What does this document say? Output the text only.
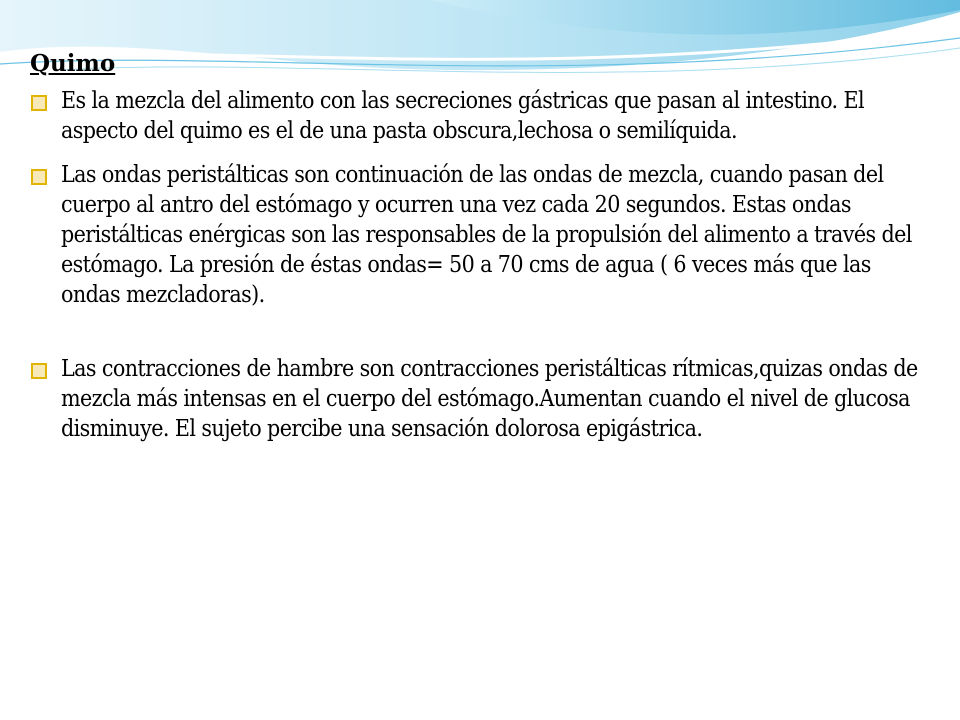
Quimo
Es la mezcla del alimento con las secreciones gástricas que pasan al intestino. El aspecto del quimo es el de una pasta obscura,lechosa o semilíquida.
Las ondas peristálticas son continuación de las ondas de mezcla, cuando pasan del cuerpo al antro del estómago y ocurren una vez cada 20 segundos. Estas ondas peristálticas enérgicas son las responsables de la propulsión del alimento a través del estómago. La presión de éstas ondas= 50 a 70 cms de agua ( 6 veces más que las ondas mezcladoras).
Las contracciones de hambre son contracciones peristálticas rítmicas,quizas ondas de mezcla más intensas en el cuerpo del estómago.Aumentan cuando el nivel de glucosa disminuye. El sujeto percibe una sensación dolorosa epigástrica.
